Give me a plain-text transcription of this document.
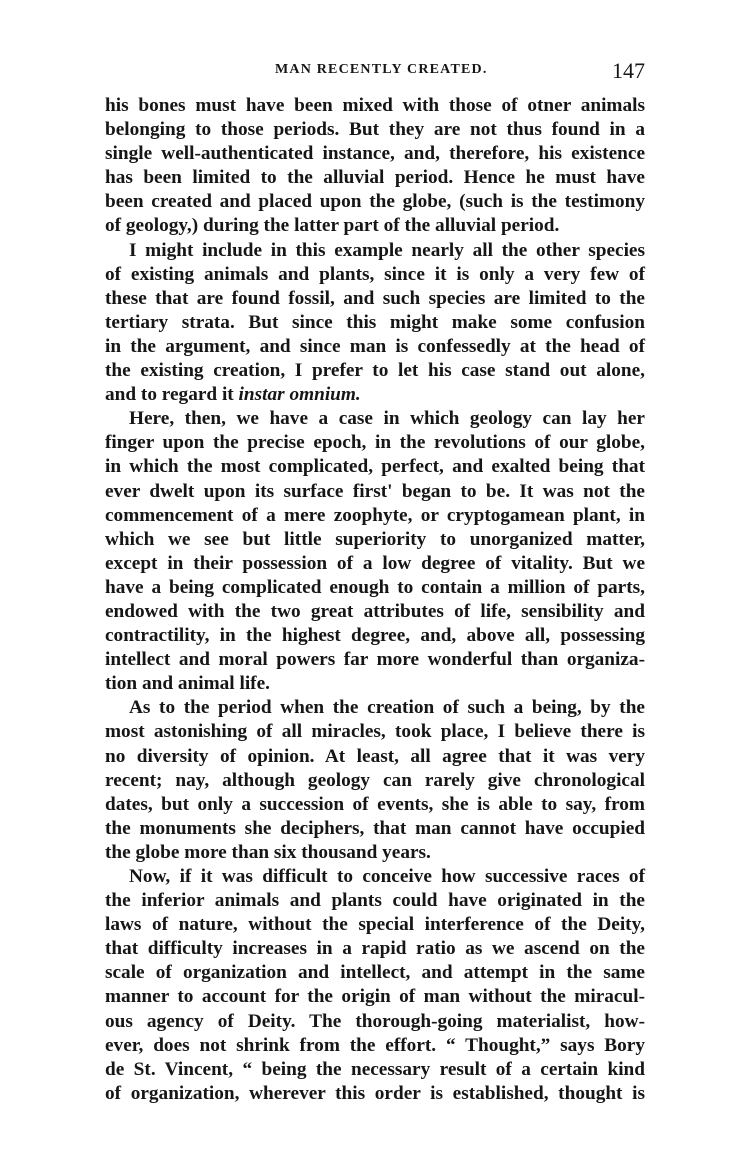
MAN RECENTLY CREATED.	147

his bones must have been mixed with those of otner animals
belonging to those periods. But they are not thus found in a
single well-authenticated instance, and, therefore, his existence
has been limited to the alluvial period. Hence he must have
been created and placed upon the globe, (such is the testimony
of geology,) during the latter part of the alluvial period.

I might include in this example nearly all the other species
of existing animals and plants, since it is only a very few of
these that are found fossil, and such species are limited to the
tertiary strata. But since this might make some confusion
in the argument, and since man is confessedly at the head of
the existing creation, I prefer to let his case stand out alone,
and to regard it instar omnium.

Here, then, we have a case in which geology can lay her
finger upon the precise epoch, in the revolutions of our globe,
in which the most complicated, perfect, and exalted being that
ever dwelt upon its surface first' began to be. It was not the
commencement of a mere zoophyte, or cryptogamean plant, in
which we see but little superiority to unorganized matter,
except in their possession of a low degree of vitality. But we
have a being complicated enough to contain a million of parts,
endowed with the two great attributes of life, sensibility and
contractility, in the highest degree, and, above all, possessing
intellect and moral powers far more wonderful than organiza-
tion and animal life.

As to the period when the creation of such a being, by the
most astonishing of all miracles, took place, I believe there is
no diversity of opinion. At least, all agree that it was very
recent; nay, although geology can rarely give chronological
dates, but only a succession of events, she is able to say, from
the monuments she deciphers, that man cannot have occupied
the globe more than six thousand years.

Now, if it was difficult to conceive how successive races of
the inferior animals and plants could have originated in the
laws of nature, without the special interference of the Deity,
that difficulty increases in a rapid ratio as we ascend on the
scale of organization and intellect, and attempt in the same
manner to account for the origin of man without the miracul-
ous agency of Deity. The thorough-going materialist, how-
ever, does not shrink from the effort. “ Thought,” says Bory
de St. Vincent, “ being the necessary result of a certain kind
of organization, wherever this order is established, thought is
